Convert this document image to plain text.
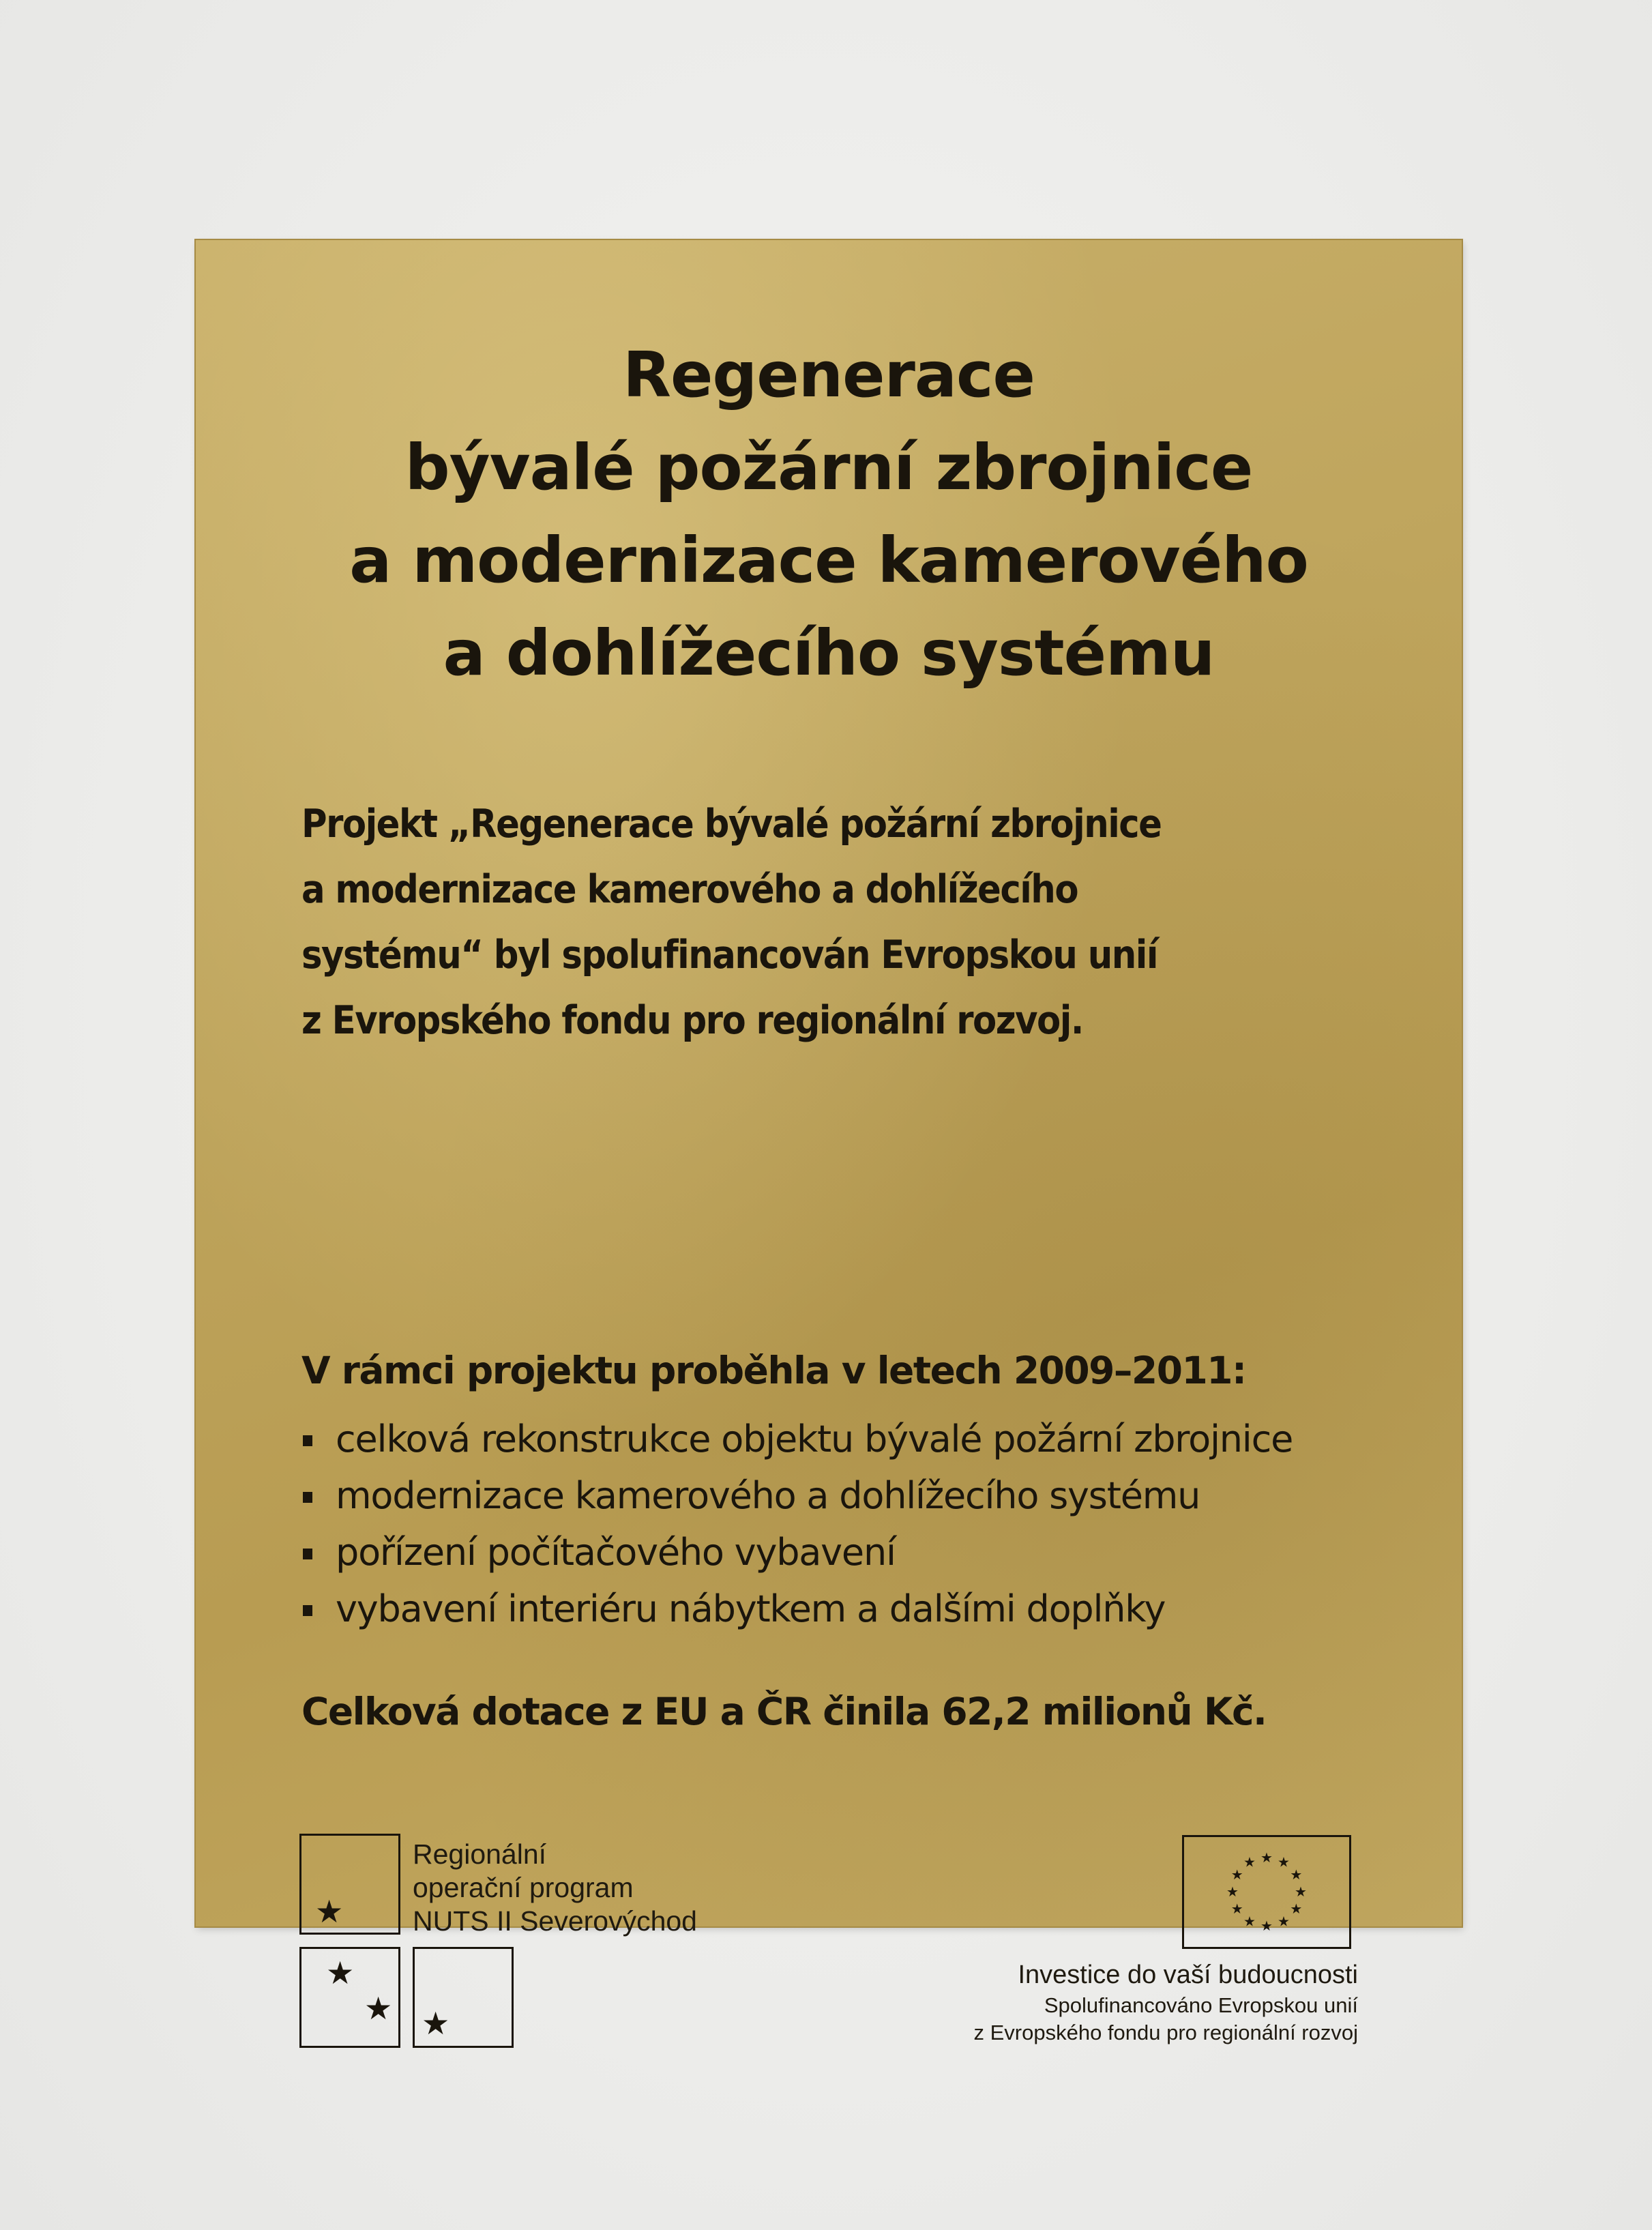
Regenerace
bývalé požární zbrojnice
a modernizace kamerového
a dohlížecího systému
Projekt „Regenerace bývalé požární zbrojnice
a modernizace kamerového a dohlížecího
systému“ byl spolufinancován Evropskou unií
z Evropského fondu pro regionální rozvoj.
V rámci projektu proběhla v letech 2009–2011:
celková rekonstrukce objektu bývalé požární zbrojnice
modernizace kamerového a dohlížecího systému
pořízení počítačového vybavení
vybavení interiéru nábytkem a dalšími doplňky
Celková dotace z EU a ČR činila 62,2 milionů Kč.
★
★
★ ★
Regionální
operační program
NUTS II Severovýchod
★ ★
★
★
★
★
★
★
★
★
★
★
Investice do vaší budoucnosti
Spolufinancováno Evropskou unií
z Evropského fondu pro regionální rozvoj
